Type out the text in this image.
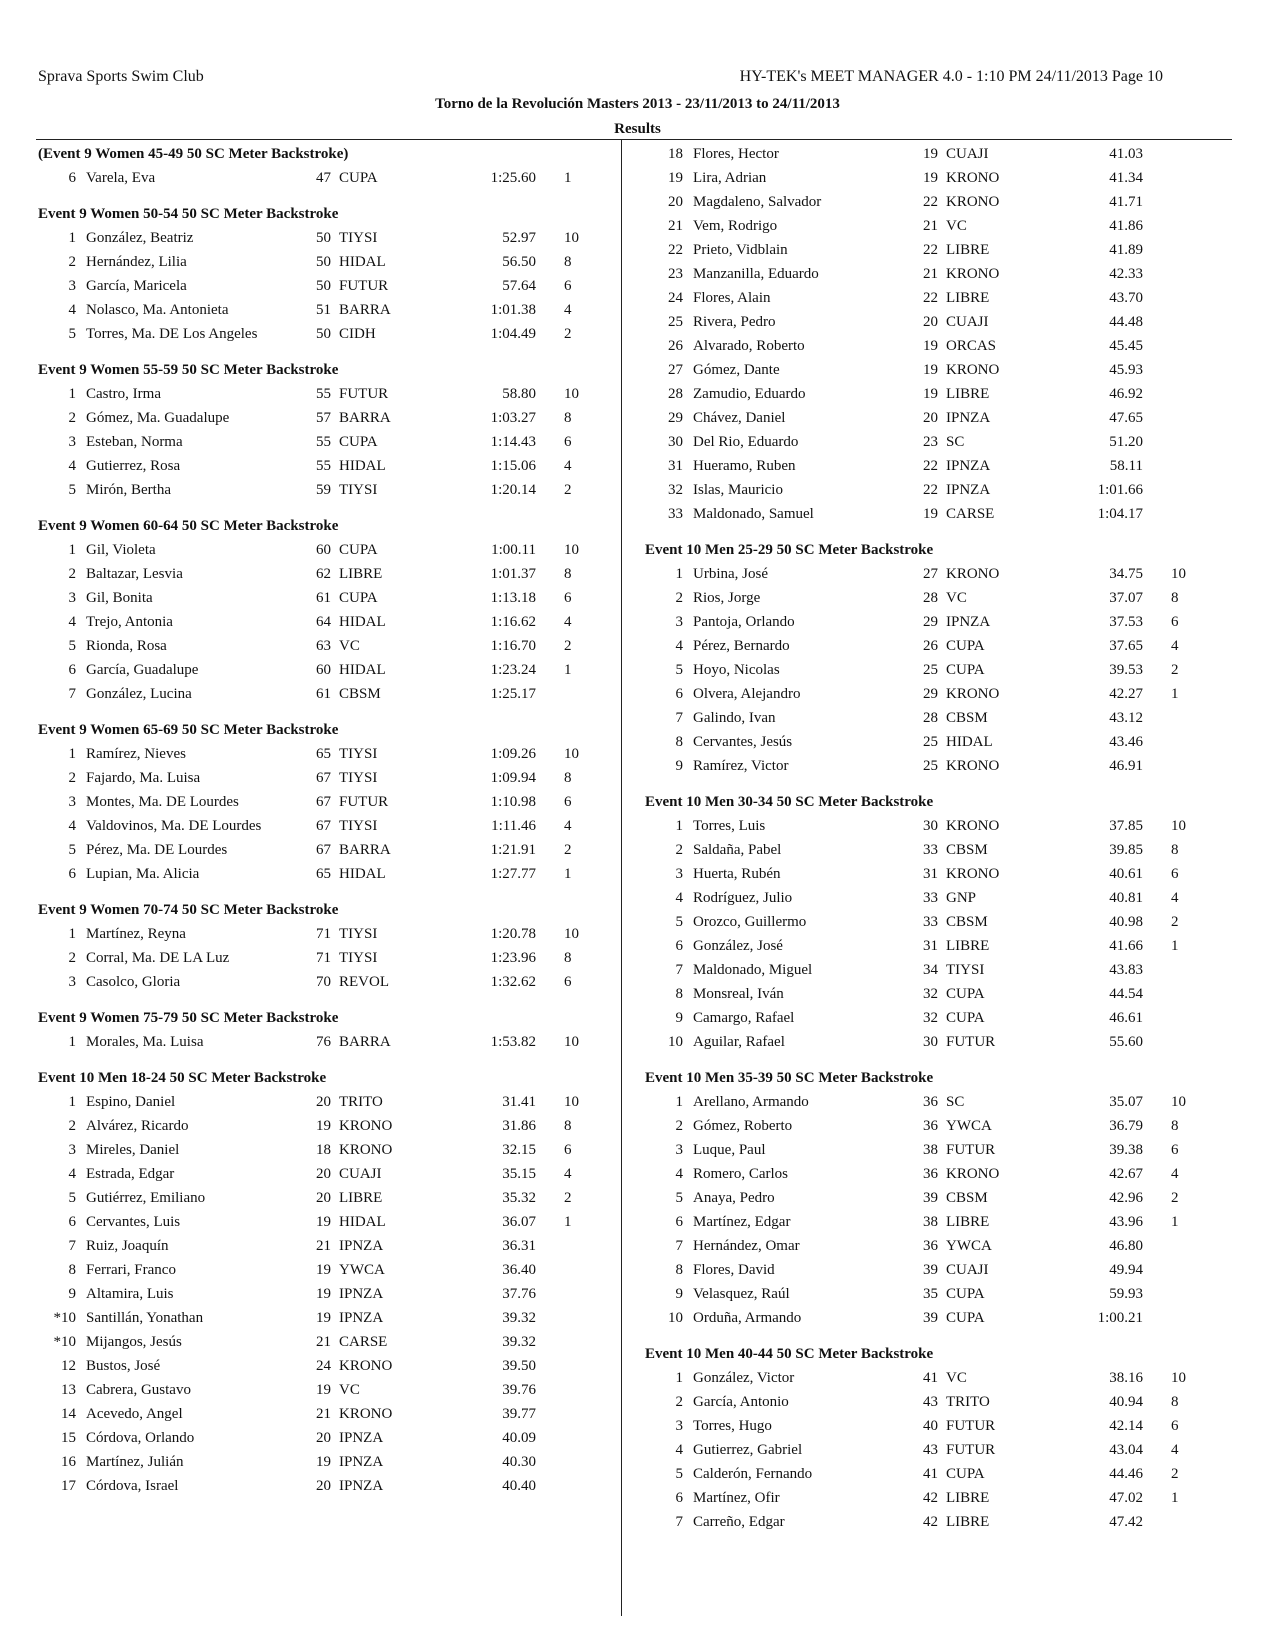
Sprava Sports Swim Club	HY-TEK's MEET MANAGER 4.0 - 1:10 PM 24/11/2013 Page 10
Torno de la Revolución Masters 2013 - 23/11/2013 to 24/11/2013
Results
(Event 9 Women 45-49 50 SC Meter Backstroke)
6 Varela, Eva	47 CUPA	1:25.60	1
Event 9 Women 50-54 50 SC Meter Backstroke
1 González, Beatriz	50 TIYSI	52.97	10
2 Hernández, Lilia	50 HIDAL	56.50	8
3 García, Maricela	50 FUTUR	57.64	6
4 Nolasco, Ma. Antonieta	51 BARRA	1:01.38	4
5 Torres, Ma. DE Los Angeles	50 CIDH	1:04.49	2
Event 9 Women 55-59 50 SC Meter Backstroke
1 Castro, Irma	55 FUTUR	58.80	10
2 Gómez, Ma. Guadalupe	57 BARRA	1:03.27	8
3 Esteban, Norma	55 CUPA	1:14.43	6
4 Gutierrez, Rosa	55 HIDAL	1:15.06	4
5 Mirón, Bertha	59 TIYSI	1:20.14	2
Event 9 Women 60-64 50 SC Meter Backstroke
1 Gil, Violeta	60 CUPA	1:00.11	10
2 Baltazar, Lesvia	62 LIBRE	1:01.37	8
3 Gil, Bonita	61 CUPA	1:13.18	6
4 Trejo, Antonia	64 HIDAL	1:16.62	4
5 Rionda, Rosa	63 VC	1:16.70	2
6 García, Guadalupe	60 HIDAL	1:23.24	1
7 González, Lucina	61 CBSM	1:25.17
Event 9 Women 65-69 50 SC Meter Backstroke
1 Ramírez, Nieves	65 TIYSI	1:09.26	10
2 Fajardo, Ma. Luisa	67 TIYSI	1:09.94	8
3 Montes, Ma. DE Lourdes	67 FUTUR	1:10.98	6
4 Valdovinos, Ma. DE Lourdes	67 TIYSI	1:11.46	4
5 Pérez, Ma. DE Lourdes	67 BARRA	1:21.91	2
6 Lupian, Ma. Alicia	65 HIDAL	1:27.77	1
Event 9 Women 70-74 50 SC Meter Backstroke
1 Martínez, Reyna	71 TIYSI	1:20.78	10
2 Corral, Ma. DE LA Luz	71 TIYSI	1:23.96	8
3 Casolco, Gloria	70 REVOL	1:32.62	6
Event 9 Women 75-79 50 SC Meter Backstroke
1 Morales, Ma. Luisa	76 BARRA	1:53.82	10
Event 10 Men 18-24 50 SC Meter Backstroke
1 Espino, Daniel	20 TRITO	31.41	10
2 Alvárez, Ricardo	19 KRONO	31.86	8
3 Mireles, Daniel	18 KRONO	32.15	6
4 Estrada, Edgar	20 CUAJI	35.15	4
5 Gutiérrez, Emiliano	20 LIBRE	35.32	2
6 Cervantes, Luis	19 HIDAL	36.07	1
7 Ruiz, Joaquín	21 IPNZA	36.31
8 Ferrari, Franco	19 YWCA	36.40
9 Altamira, Luis	19 IPNZA	37.76
*10 Santillán, Yonathan	19 IPNZA	39.32
*10 Mijangos, Jesús	21 CARSE	39.32
12 Bustos, José	24 KRONO	39.50
13 Cabrera, Gustavo	19 VC	39.76
14 Acevedo, Angel	21 KRONO	39.77
15 Córdova, Orlando	20 IPNZA	40.09
16 Martínez, Julián	19 IPNZA	40.30
17 Córdova, Israel	20 IPNZA	40.40
18 Flores, Hector	19 CUAJI	41.03
19 Lira, Adrian	19 KRONO	41.34
20 Magdaleno, Salvador	22 KRONO	41.71
21 Vem, Rodrigo	21 VC	41.86
22 Prieto, Vidblain	22 LIBRE	41.89
23 Manzanilla, Eduardo	21 KRONO	42.33
24 Flores, Alain	22 LIBRE	43.70
25 Rivera, Pedro	20 CUAJI	44.48
26 Alvarado, Roberto	19 ORCAS	45.45
27 Gómez, Dante	19 KRONO	45.93
28 Zamudio, Eduardo	19 LIBRE	46.92
29 Chávez, Daniel	20 IPNZA	47.65
30 Del Rio, Eduardo	23 SC	51.20
31 Hueramo, Ruben	22 IPNZA	58.11
32 Islas, Mauricio	22 IPNZA	1:01.66
33 Maldonado, Samuel	19 CARSE	1:04.17
Event 10 Men 25-29 50 SC Meter Backstroke
1 Urbina, José	27 KRONO	34.75	10
2 Rios, Jorge	28 VC	37.07	8
3 Pantoja, Orlando	29 IPNZA	37.53	6
4 Pérez, Bernardo	26 CUPA	37.65	4
5 Hoyo, Nicolas	25 CUPA	39.53	2
6 Olvera, Alejandro	29 KRONO	42.27	1
7 Galindo, Ivan	28 CBSM	43.12
8 Cervantes, Jesús	25 HIDAL	43.46
9 Ramírez, Victor	25 KRONO	46.91
Event 10 Men 30-34 50 SC Meter Backstroke
1 Torres, Luis	30 KRONO	37.85	10
2 Saldaña, Pabel	33 CBSM	39.85	8
3 Huerta, Rubén	31 KRONO	40.61	6
4 Rodríguez, Julio	33 GNP	40.81	4
5 Orozco, Guillermo	33 CBSM	40.98	2
6 González, José	31 LIBRE	41.66	1
7 Maldonado, Miguel	34 TIYSI	43.83
8 Monsreal, Iván	32 CUPA	44.54
9 Camargo, Rafael	32 CUPA	46.61
10 Aguilar, Rafael	30 FUTUR	55.60
Event 10 Men 35-39 50 SC Meter Backstroke
1 Arellano, Armando	36 SC	35.07	10
2 Gómez, Roberto	36 YWCA	36.79	8
3 Luque, Paul	38 FUTUR	39.38	6
4 Romero, Carlos	36 KRONO	42.67	4
5 Anaya, Pedro	39 CBSM	42.96	2
6 Martínez, Edgar	38 LIBRE	43.96	1
7 Hernández, Omar	36 YWCA	46.80
8 Flores, David	39 CUAJI	49.94
9 Velasquez, Raúl	35 CUPA	59.93
10 Orduña, Armando	39 CUPA	1:00.21
Event 10 Men 40-44 50 SC Meter Backstroke
1 González, Victor	41 VC	38.16	10
2 García, Antonio	43 TRITO	40.94	8
3 Torres, Hugo	40 FUTUR	42.14	6
4 Gutierrez, Gabriel	43 FUTUR	43.04	4
5 Calderón, Fernando	41 CUPA	44.46	2
6 Martínez, Ofir	42 LIBRE	47.02	1
7 Carreño, Edgar	42 LIBRE	47.42
